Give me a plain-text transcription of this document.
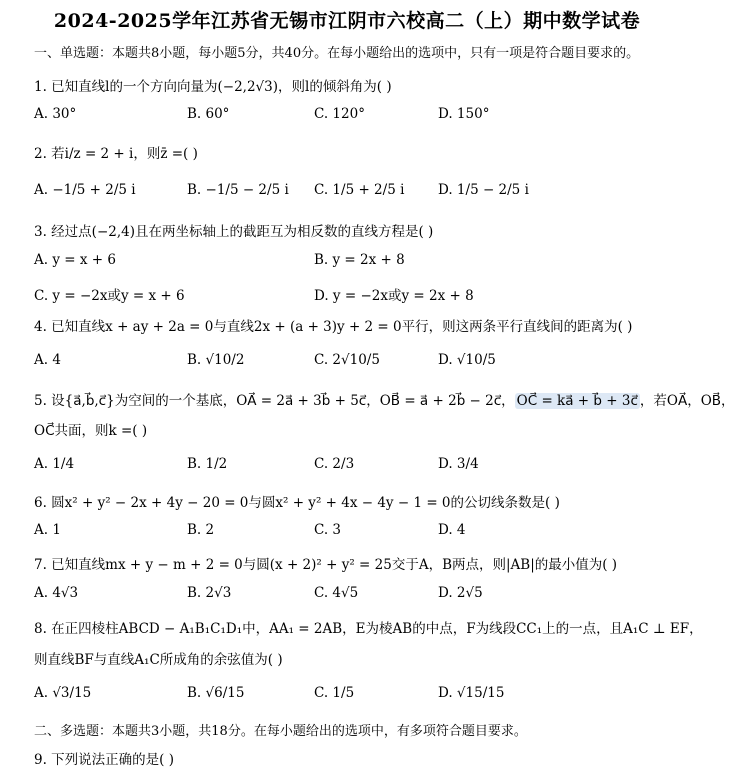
2024-2025学年江苏省无锡市江阴市六校高二（上）期中数学试卷
一、单选题：本题共8小题，每小题5分，共40分。在每小题给出的选项中，只有一项是符合题目要求的。
1. 已知直线l的一个方向向量为(−2,2√3)，则l的倾斜角为( )
A. 30°	B. 60°	C. 120°	D. 150°
2. 若i/z = 2 + i，则z̄ =( )
A. −1/5 + 2/5 i	B. −1/5 − 2/5 i C. 1/5 + 2/5 i D. 1/5 − 2/5 i
3. 经过点(−2,4)且在两坐标轴上的截距互为相反数的直线方程是( )
A. y = x + 6	B. y = 2x + 8
C. y = −2x或y = x + 6	D. y = −2x或y = 2x + 8
4. 已知直线x + ay + 2a = 0与直线2x + (a + 3)y + 2 = 0平行，则这两条平行直线间的距离为( )
A. 4	B. √10/2	C. 2√10/5	D. √10/5
5. 设{a⃗,b⃗,c⃗}为空间的一个基底，OA⃗ = 2a⃗ + 3b⃗ + 5c⃗，OB⃗ = a⃗ + 2b⃗ − 2c⃗， OC⃗ = ka⃗ + b⃗ + 3c⃗ ，若OA⃗，OB⃗，
OC⃗共面，则k =( )
A. 1/4	B. 1/2	C. 2/3	D. 3/4
6. 圆x² + y² − 2x + 4y − 20 = 0与圆x² + y² + 4x − 4y − 1 = 0的公切线条数是( )
A. 1	B. 2	C. 3	D. 4
7. 已知直线mx + y − m + 2 = 0与圆(x + 2)² + y² = 25交于A，B两点，则|AB|的最小值为( )
A. 4√3	B. 2√3	C. 4√5	D. 2√5
8. 在正四棱柱ABCD − A₁B₁C₁D₁中，AA₁ = 2AB，E为棱AB的中点，F为线段CC₁上的一点，且A₁C ⊥ EF，
则直线BF与直线A₁C所成角的余弦值为( )
A. √3/15	B. √6/15	C. 1/5	D. √15/15
二、多选题：本题共3小题，共18分。在每小题给出的选项中，有多项符合题目要求。
9. 下列说法正确的是( )
